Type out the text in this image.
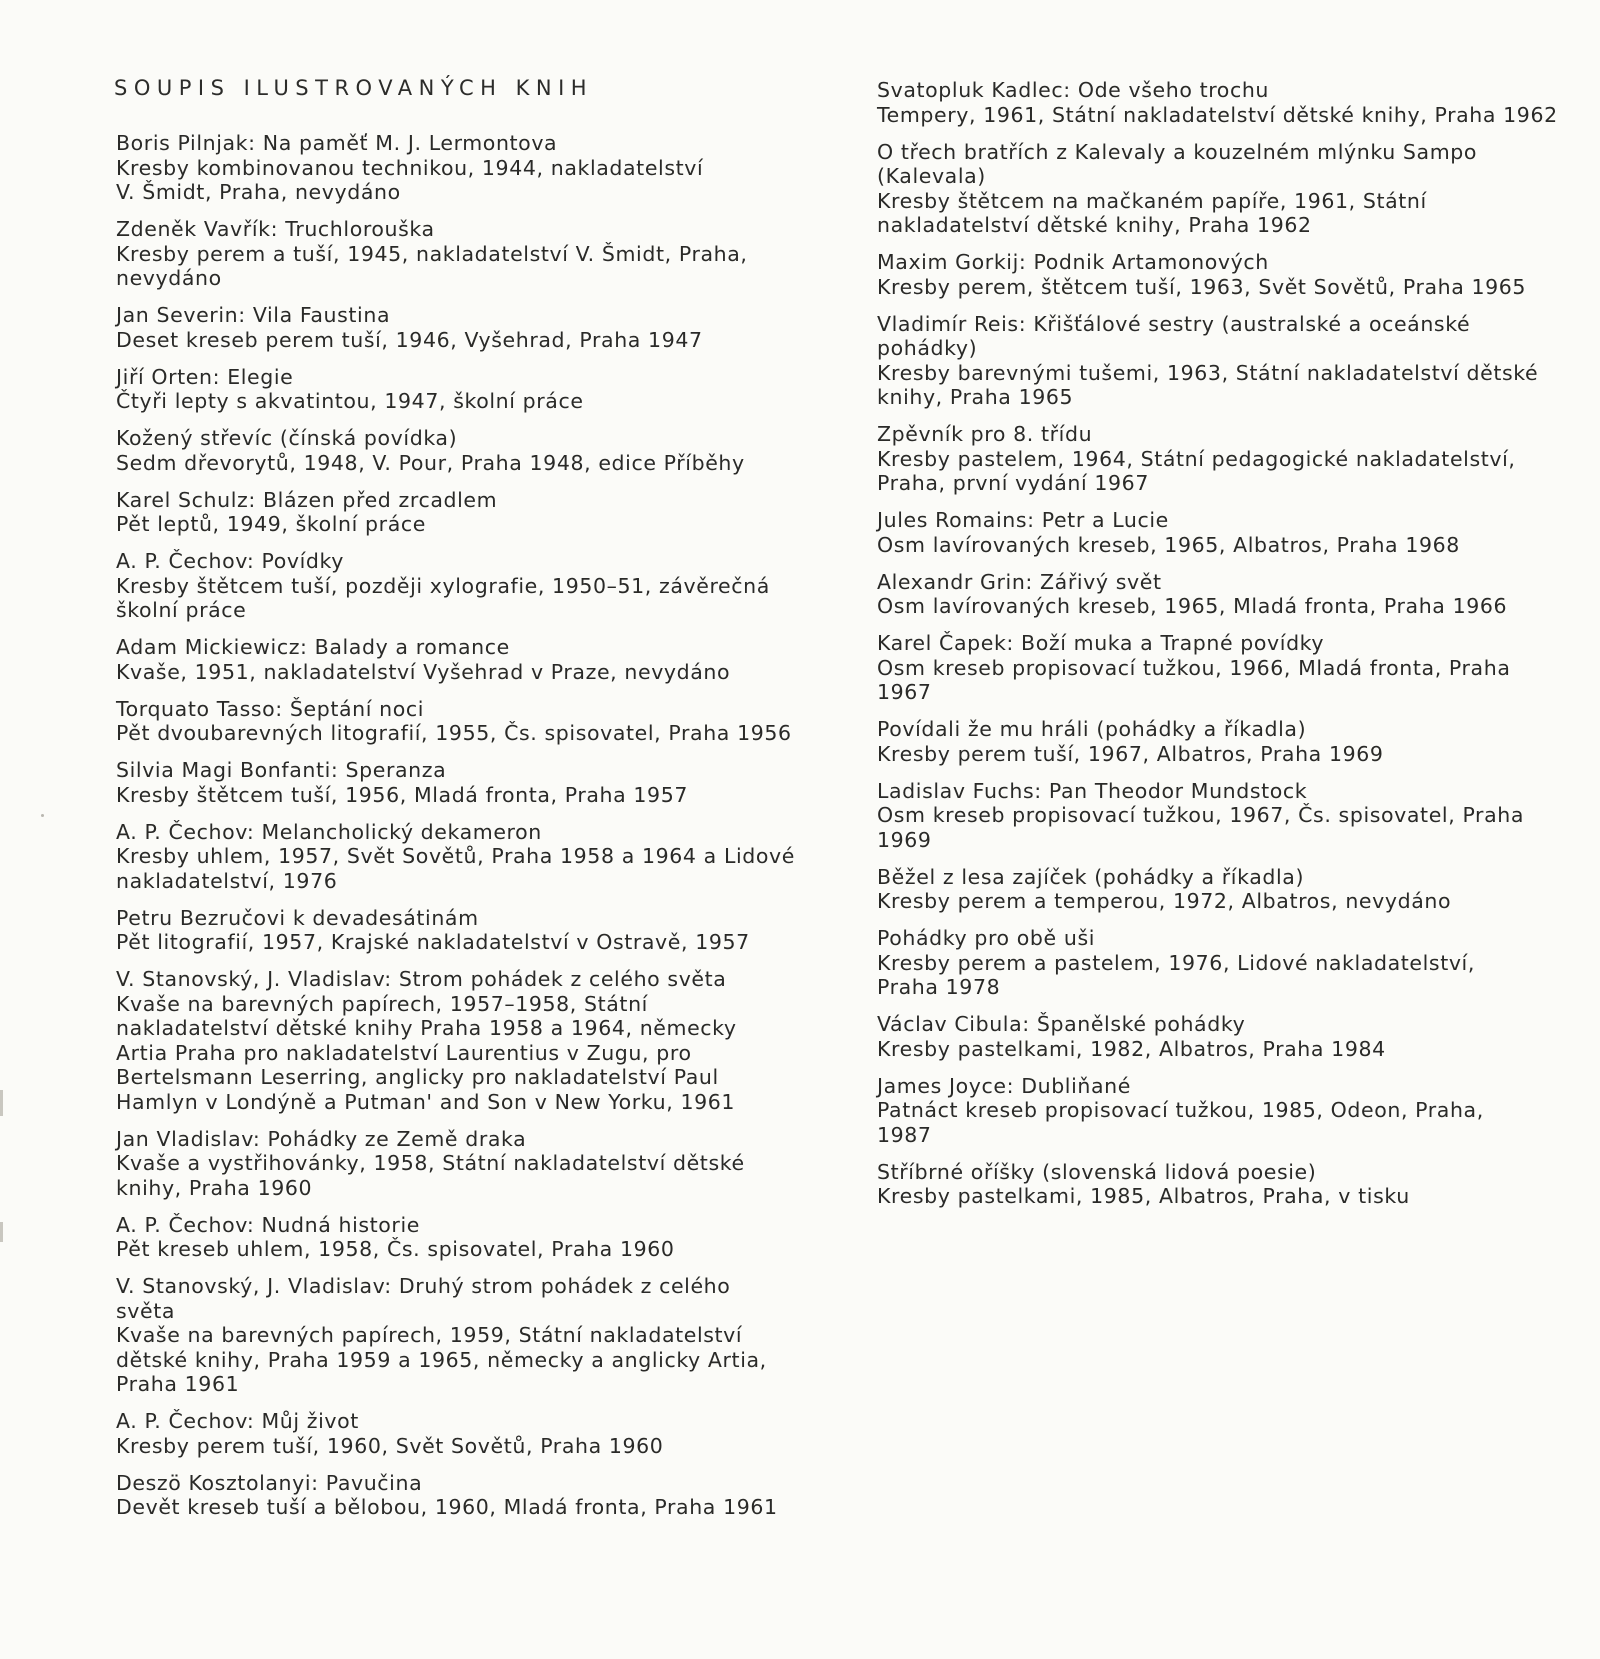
SOUPIS ILUSTROVANÝCH KNIH
Boris Pilnjak: Na paměť M. J. Lermontova
Kresby kombinovanou technikou, 1944, nakladatelství
V. Šmidt, Praha, nevydáno
Zdeněk Vavřík: Truchlorouška
Kresby perem a tuší, 1945, nakladatelství V. Šmidt, Praha,
nevydáno
Jan Severin: Vila Faustina
Deset kreseb perem tuší, 1946, Vyšehrad, Praha 1947
Jiří Orten: Elegie
Čtyři lepty s akvatintou, 1947, školní práce
Kožený střevíc (čínská povídka)
Sedm dřevorytů, 1948, V. Pour, Praha 1948, edice Příběhy
Karel Schulz: Blázen před zrcadlem
Pět leptů, 1949, školní práce
A. P. Čechov: Povídky
Kresby štětcem tuší, později xylografie, 1950–51, závěrečná
školní práce
Adam Mickiewicz: Balady a romance
Kvaše, 1951, nakladatelství Vyšehrad v Praze, nevydáno
Torquato Tasso: Šeptání noci
Pět dvoubarevných litografií, 1955, Čs. spisovatel, Praha 1956
Silvia Magi Bonfanti: Speranza
Kresby štětcem tuší, 1956, Mladá fronta, Praha 1957
A. P. Čechov: Melancholický dekameron
Kresby uhlem, 1957, Svět Sovětů, Praha 1958 a 1964 a Lidové
nakladatelství, 1976
Petru Bezručovi k devadesátinám
Pět litografií, 1957, Krajské nakladatelství v Ostravě, 1957
V. Stanovský, J. Vladislav: Strom pohádek z celého světa
Kvaše na barevných papírech, 1957–1958, Státní
nakladatelství dětské knihy Praha 1958 a 1964, německy
Artia Praha pro nakladatelství Laurentius v Zugu, pro
Bertelsmann Leserring, anglicky pro nakladatelství Paul
Hamlyn v Londýně a Putman' and Son v New Yorku, 1961
Jan Vladislav: Pohádky ze Země draka
Kvaše a vystřihovánky, 1958, Státní nakladatelství dětské
knihy, Praha 1960
A. P. Čechov: Nudná historie
Pět kreseb uhlem, 1958, Čs. spisovatel, Praha 1960
V. Stanovský, J. Vladislav: Druhý strom pohádek z celého
světa
Kvaše na barevných papírech, 1959, Státní nakladatelství
dětské knihy, Praha 1959 a 1965, německy a anglicky Artia,
Praha 1961
A. P. Čechov: Můj život
Kresby perem tuší, 1960, Svět Sovětů, Praha 1960
Deszö Kosztolanyi: Pavučina
Devět kreseb tuší a bělobou, 1960, Mladá fronta, Praha 1961
Svatopluk Kadlec: Ode všeho trochu
Tempery, 1961, Státní nakladatelství dětské knihy, Praha 1962
O třech bratřích z Kalevaly a kouzelném mlýnku Sampo
(Kalevala)
Kresby štětcem na mačkaném papíře, 1961, Státní
nakladatelství dětské knihy, Praha 1962
Maxim Gorkij: Podnik Artamonových
Kresby perem, štětcem tuší, 1963, Svět Sovětů, Praha 1965
Vladimír Reis: Křišťálové sestry (australské a oceánské
pohádky)
Kresby barevnými tušemi, 1963, Státní nakladatelství dětské
knihy, Praha 1965
Zpěvník pro 8. třídu
Kresby pastelem, 1964, Státní pedagogické nakladatelství,
Praha, první vydání 1967
Jules Romains: Petr a Lucie
Osm lavírovaných kreseb, 1965, Albatros, Praha 1968
Alexandr Grin: Zářivý svět
Osm lavírovaných kreseb, 1965, Mladá fronta, Praha 1966
Karel Čapek: Boží muka a Trapné povídky
Osm kreseb propisovací tužkou, 1966, Mladá fronta, Praha
1967
Povídali že mu hráli (pohádky a říkadla)
Kresby perem tuší, 1967, Albatros, Praha 1969
Ladislav Fuchs: Pan Theodor Mundstock
Osm kreseb propisovací tužkou, 1967, Čs. spisovatel, Praha
1969
Běžel z lesa zajíček (pohádky a říkadla)
Kresby perem a temperou, 1972, Albatros, nevydáno
Pohádky pro obě uši
Kresby perem a pastelem, 1976, Lidové nakladatelství,
Praha 1978
Václav Cibula: Španělské pohádky
Kresby pastelkami, 1982, Albatros, Praha 1984
James Joyce: Dubliňané
Patnáct kreseb propisovací tužkou, 1985, Odeon, Praha,
1987
Stříbrné oříšky (slovenská lidová poesie)
Kresby pastelkami, 1985, Albatros, Praha, v tisku
